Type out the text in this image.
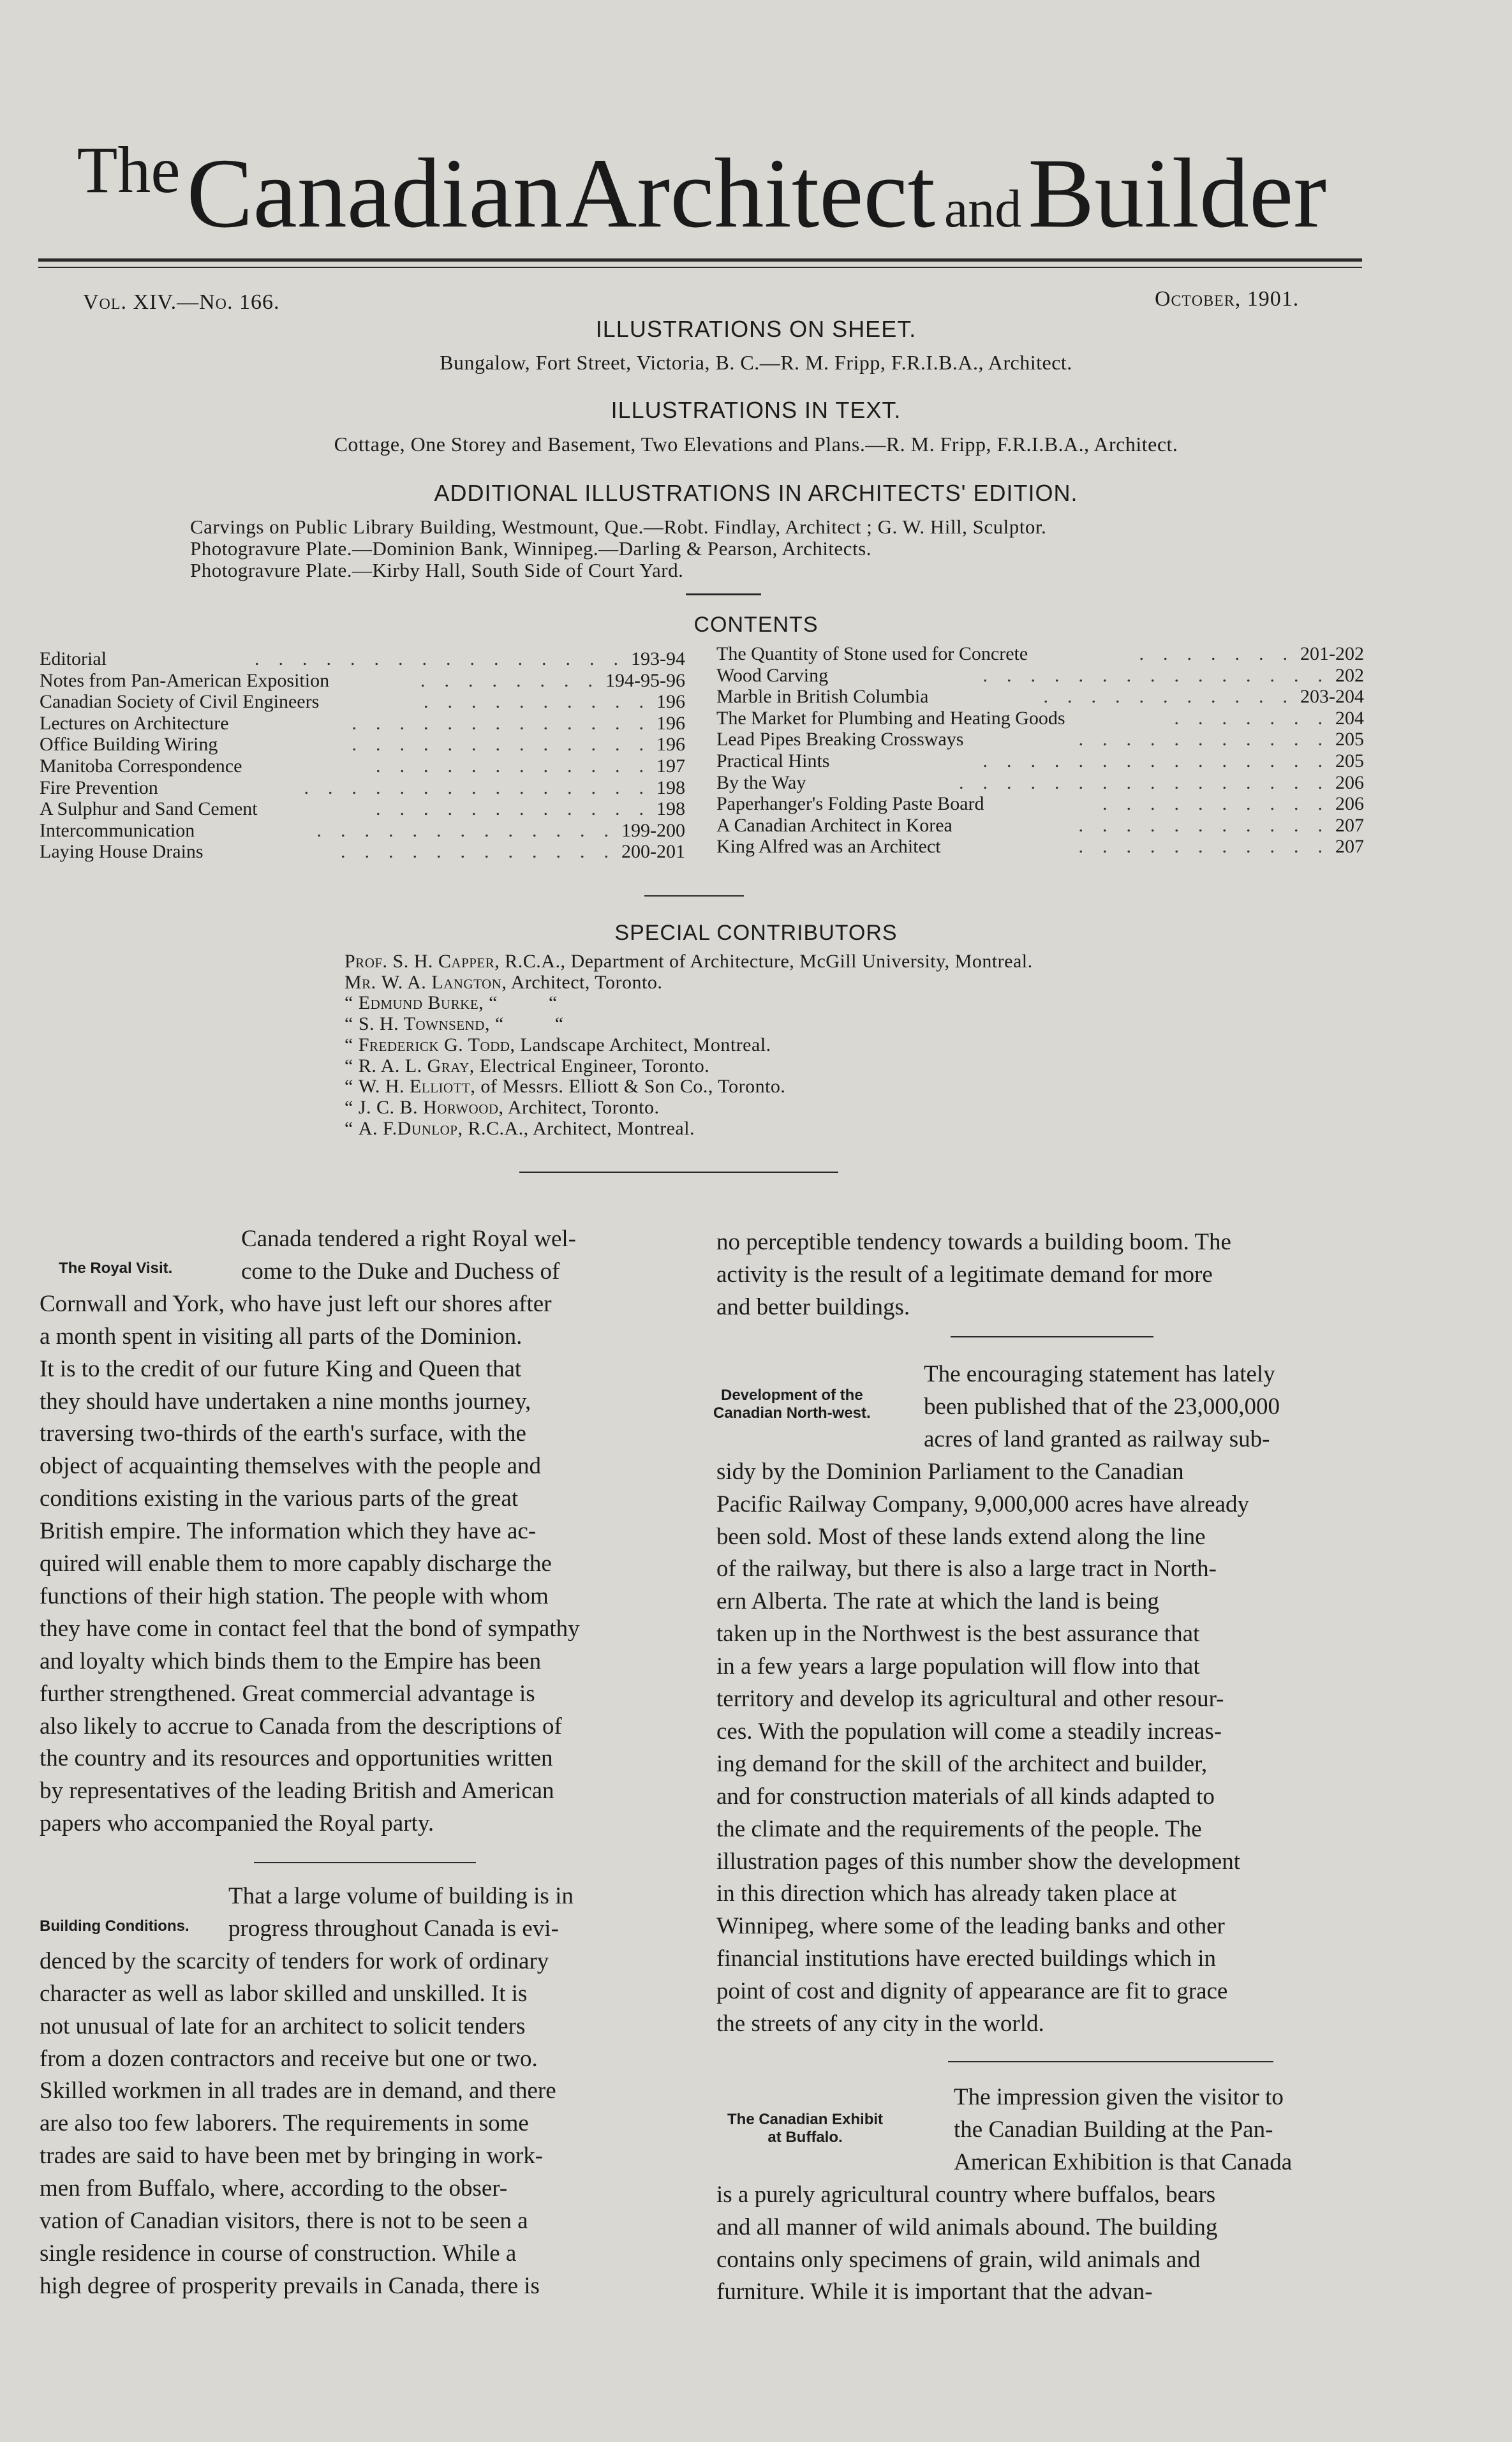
TheCanadian Architect andBuilder
Vol. XIV.—No. 166.	October, 1901.
ILLUSTRATIONS ON SHEET.
Bungalow, Fort Street, Victoria, B. C.—R. M. Fripp, F.R.I.B.A., Architect.
ILLUSTRATIONS IN TEXT.
Cottage, One Storey and Basement, Two Elevations and Plans.—R. M. Fripp, F.R.I.B.A., Architect.
ADDITIONAL ILLUSTRATIONS IN ARCHITECTS' EDITION.
Carvings on Public Library Building, Westmount, Que.—Robt. Findlay, Architect ; G. W. Hill, Sculptor.
Photogravure Plate.—Dominion Bank, Winnipeg.—Darling & Pearson, Architects.
Photogravure Plate.—Kirby Hall, South Side of Court Yard.
CONTENTS
Editorial	 . . . . . . . . . . . . . . . . 193-94
Notes from Pan-American Exposition	 . . . . . . . . 194-95-96
Canadian Society of Civil Engineers	 . . . . . . . . . . 196
Lectures on Architecture	 . . . . . . . . . . . . . 196
Office Building Wiring	 . . . . . . . . . . . . . 196
Manitoba Correspondence	 . . . . . . . . . . . . 197
Fire Prevention	 . . . . . . . . . . . . . . . 198
A Sulphur and Sand Cement	 . . . . . . . . . . . . 198
Intercommunication	 . . . . . . . . . . . . . 199-200
Laying House Drains	 . . . . . . . . . . . . 200-201
The Quantity of Stone used for Concrete	 . . . . . . . 201-202
Wood Carving	 . . . . . . . . . . . . . . . 202
Marble in British Columbia	 . . . . . . . . . . . 203-204
The Market for Plumbing and Heating Goods	 . . . . . . . 204
Lead Pipes Breaking Crossways	 . . . . . . . . . . . 205
Practical Hints	 . . . . . . . . . . . . . . . 205
By the Way	 . . . . . . . . . . . . . . . . 206
Paperhanger's Folding Paste Board	 . . . . . . . . . . 206
A Canadian Architect in Korea	 . . . . . . . . . . . 207
King Alfred was an Architect	 . . . . . . . . . . . 207
SPECIAL CONTRIBUTORS
Prof. S. H. Capper, R.C.A., Department of Architecture, McGill University, Montreal.
Mr. W. A. Langton, Architect, Toronto.
“ Edmund Burke, “          “
“ S. H. Townsend, “          “
“ Frederick G. Todd, Landscape Architect, Montreal.
“ R. A. L. Gray, Electrical Engineer, Toronto.
“ W. H. Elliott, of Messrs. Elliott & Son Co., Toronto.
“ J. C. B. Horwood, Architect, Toronto.
“ A. F.Dunlop, R.C.A., Architect, Montreal.
The Royal Visit.
Canada tendered a right Royal wel-
come to the Duke and Duchess of
Cornwall and York, who have just left our shores after
a month spent in visiting all parts of the Dominion.
It is to the credit of our future King and Queen that
they should have undertaken a nine months journey,
traversing two-thirds of the earth's surface, with the
object of acquainting themselves with the people and
conditions existing in the various parts of the great
British empire. The information which they have ac-
quired will enable them to more capably discharge the
functions of their high station. The people with whom
they have come in contact feel that the bond of sympathy
and loyalty which binds them to the Empire has been
further strengthened. Great commercial advantage is
also likely to accrue to Canada from the descriptions of
the country and its resources and opportunities written
by representatives of the leading British and American
papers who accompanied the Royal party.
Building Conditions.
That a large volume of building is in
progress throughout Canada is evi-
denced by the scarcity of tenders for work of ordinary
character as well as labor skilled and unskilled. It is
not unusual of late for an architect to solicit tenders
from a dozen contractors and receive but one or two.
Skilled workmen in all trades are in demand, and there
are also too few laborers. The requirements in some
trades are said to have been met by bringing in work-
men from Buffalo, where, according to the obser-
vation of Canadian visitors, there is not to be seen a
single residence in course of construction. While a
high degree of prosperity prevails in Canada, there is
no perceptible tendency towards a building boom. The
activity is the result of a legitimate demand for more
and better buildings.
Development of the
Canadian North-west.
The encouraging statement has lately
been published that of the 23,000,000
acres of land granted as railway sub-
sidy by the Dominion Parliament to the Canadian
Pacific Railway Company, 9,000,000 acres have already
been sold. Most of these lands extend along the line
of the railway, but there is also a large tract in North-
ern Alberta. The rate at which the land is being
taken up in the Northwest is the best assurance that
in a few years a large population will flow into that
territory and develop its agricultural and other resour-
ces. With the population will come a steadily increas-
ing demand for the skill of the architect and builder,
and for construction materials of all kinds adapted to
the climate and the requirements of the people. The
illustration pages of this number show the development
in this direction which has already taken place at
Winnipeg, where some of the leading banks and other
financial institutions have erected buildings which in
point of cost and dignity of appearance are fit to grace
the streets of any city in the world.
The Canadian Exhibit
at Buffalo.
The impression given the visitor to
the Canadian Building at the Pan-
American Exhibition is that Canada
is a purely agricultural country where buffalos, bears
and all manner of wild animals abound. The building
contains only specimens of grain, wild animals and
furniture. While it is important that the advan-
